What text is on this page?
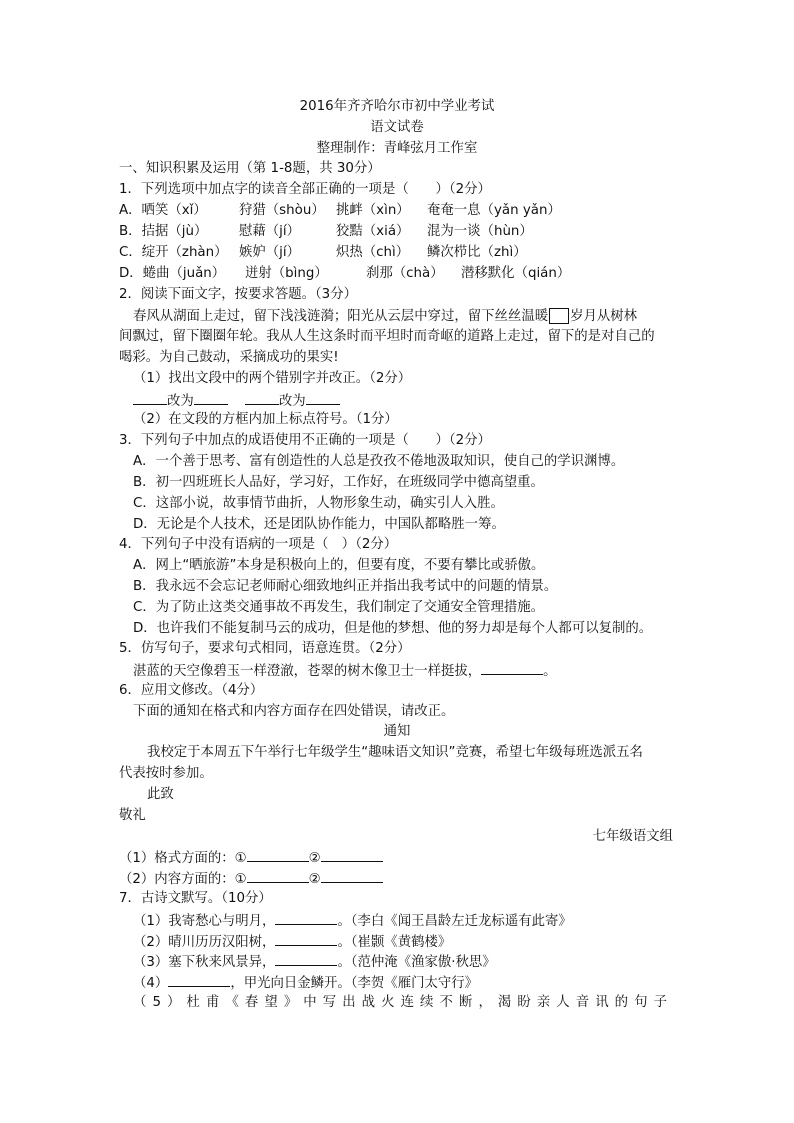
2016年齐齐哈尔市初中学业考试
语文试卷
整理制作：青峰弦月工作室
一、知识积累及运用（第 1-8题，共 30分）
1．下列选项中加点字的读音全部正确的一项是（　　）（2分）
A．哂笑（xǐ） 狩猎（shòu） 挑衅（xìn） 奄奄一息（yǎn yǎn）
B．拮据（jù） 慰藉（jí）	狡黠（xiá） 混为一谈（hùn）
C．绽开（zhàn） 嫉妒（jí）	炽热（chì） 鳞次栉比（zhì）
D．蜷曲（juǎn） 迸射（bìng）	刹那（chà） 潜移默化（qián）
2．阅读下面文字，按要求答题。（3分）
春风从湖面上走过，留下浅浅涟漪；阳光从云层中穿过，留下丝丝温暖 岁月从树林
间飘过，留下圈圈年轮。我从人生这条时而平坦时而奇岖的道路上走过，留下的是对自己的
喝彩。为自己鼓动，采摘成功的果实!
（1）找出文段中的两个错别字并改正。（2分）
改为	改为
（2）在文段的方框内加上标点符号。（1分）
3．下列句子中加点的成语使用不正确的一项是（　　）（2分）
A．一个善于思考、富有创造性的人总是孜孜不倦地汲取知识，使自己的学识渊博。
B．初一四班班长人品好，学习好，工作好，在班级同学中德高望重。
C．这部小说，故事情节曲折，人物形象生动，确实引人入胜。
D．无论是个人技术，还是团队协作能力，中国队都略胜一筹。
4．下列句子中没有语病的一项是（　）（2分）
A．网上“晒旅游”本身是积极向上的，但要有度，不要有攀比或骄傲。
B．我永远不会忘记老师耐心细致地纠正并指出我考试中的问题的情景。
C．为了防止这类交通事故不再发生，我们制定了交通安全管理措施。
D．也许我们不能复制马云的成功，但是他的梦想、他的努力却是每个人都可以复制的。
5．仿写句子，要求句式相同，语意连贯。（2分）
湛蓝的天空像碧玉一样澄澈，苍翠的树木像卫士一样挺拔，	。
6．应用文修改。（4分）
下面的通知在格式和内容方面存在四处错误，请改正。
通知
我校定于本周五下午举行七年级学生“趣味语文知识”竞赛，希望七年级每班选派五名
代表按时参加。
此致
敬礼
七年级语文组
（1）格式方面的：①	②
（2）内容方面的：①	②
7．古诗文默写。（10分）
（1）我寄愁心与明月，	。（李白《闻王昌龄左迁龙标遥有此寄》
（2）晴川历历汉阳树，	。（崔颢《黄鹤楼》
（3）塞下秋来风景异，	。（范仲淹《渔家傲·秋思》
（4）	，甲光向日金鳞开。（李贺《雁门太守行》
（5）杜甫《春望》中写出战火连续不断，渴盼亲人音讯的句子
